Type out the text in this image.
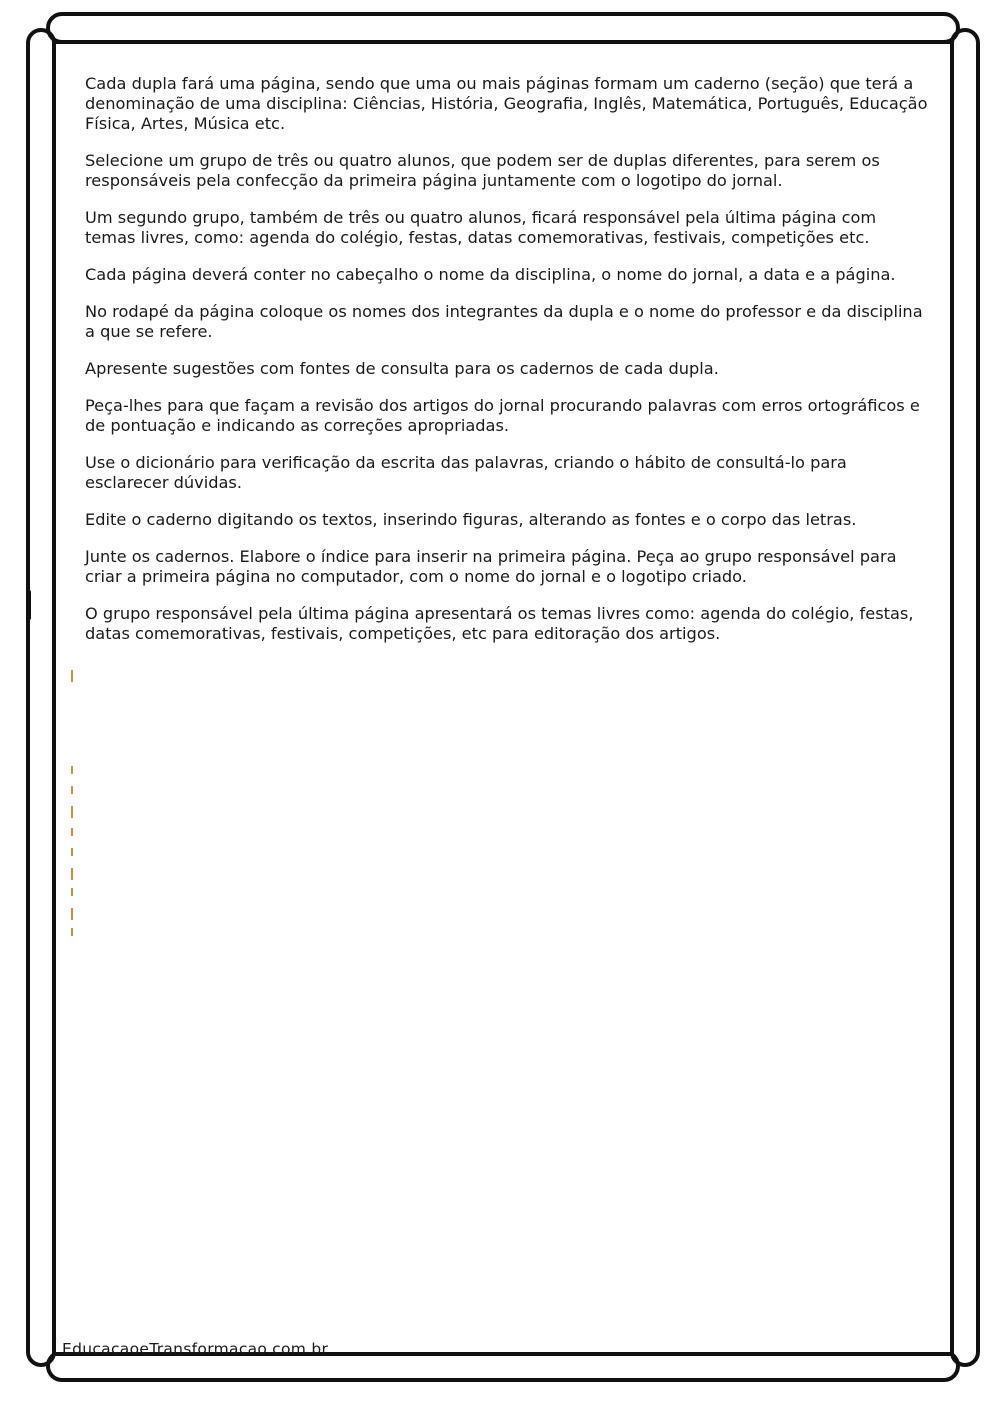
Cada dupla fará uma página, sendo que uma ou mais páginas formam um caderno (seção) que terá a denominação de uma disciplina: Ciências, História, Geografia, Inglês, Matemática, Português, Educação Física, Artes, Música etc.

Selecione um grupo de três ou quatro alunos, que podem ser de duplas diferentes, para serem os responsáveis pela confecção da primeira página juntamente com o logotipo do jornal.

Um segundo grupo, também de três ou quatro alunos, ficará responsável pela última página com temas livres, como: agenda do colégio, festas, datas comemorativas, festivais, competições etc.

Cada página deverá conter no cabeçalho o nome da disciplina, o nome do jornal, a data e a página.

No rodapé da página coloque os nomes dos integrantes da dupla e o nome do professor e da disciplina a que se refere.

Apresente sugestões com fontes de consulta para os cadernos de cada dupla.

Peça-lhes para que façam a revisão dos artigos do jornal procurando palavras com erros ortográficos e de pontuação e indicando as correções apropriadas.

Use o dicionário para verificação da escrita das palavras, criando o hábito de consultá-lo para esclarecer dúvidas.

Edite o caderno digitando os textos, inserindo figuras, alterando as fontes e o corpo das letras.

Junte os cadernos. Elabore o índice para inserir na primeira página. Peça ao grupo responsável para criar a primeira página no computador, com o nome do jornal e o logotipo criado.

O grupo responsável pela última página apresentará os temas livres como: agenda do colégio, festas, datas comemorativas, festivais, competições, etc para editoração dos artigos.

EducacaoeTransformacao.com.br
